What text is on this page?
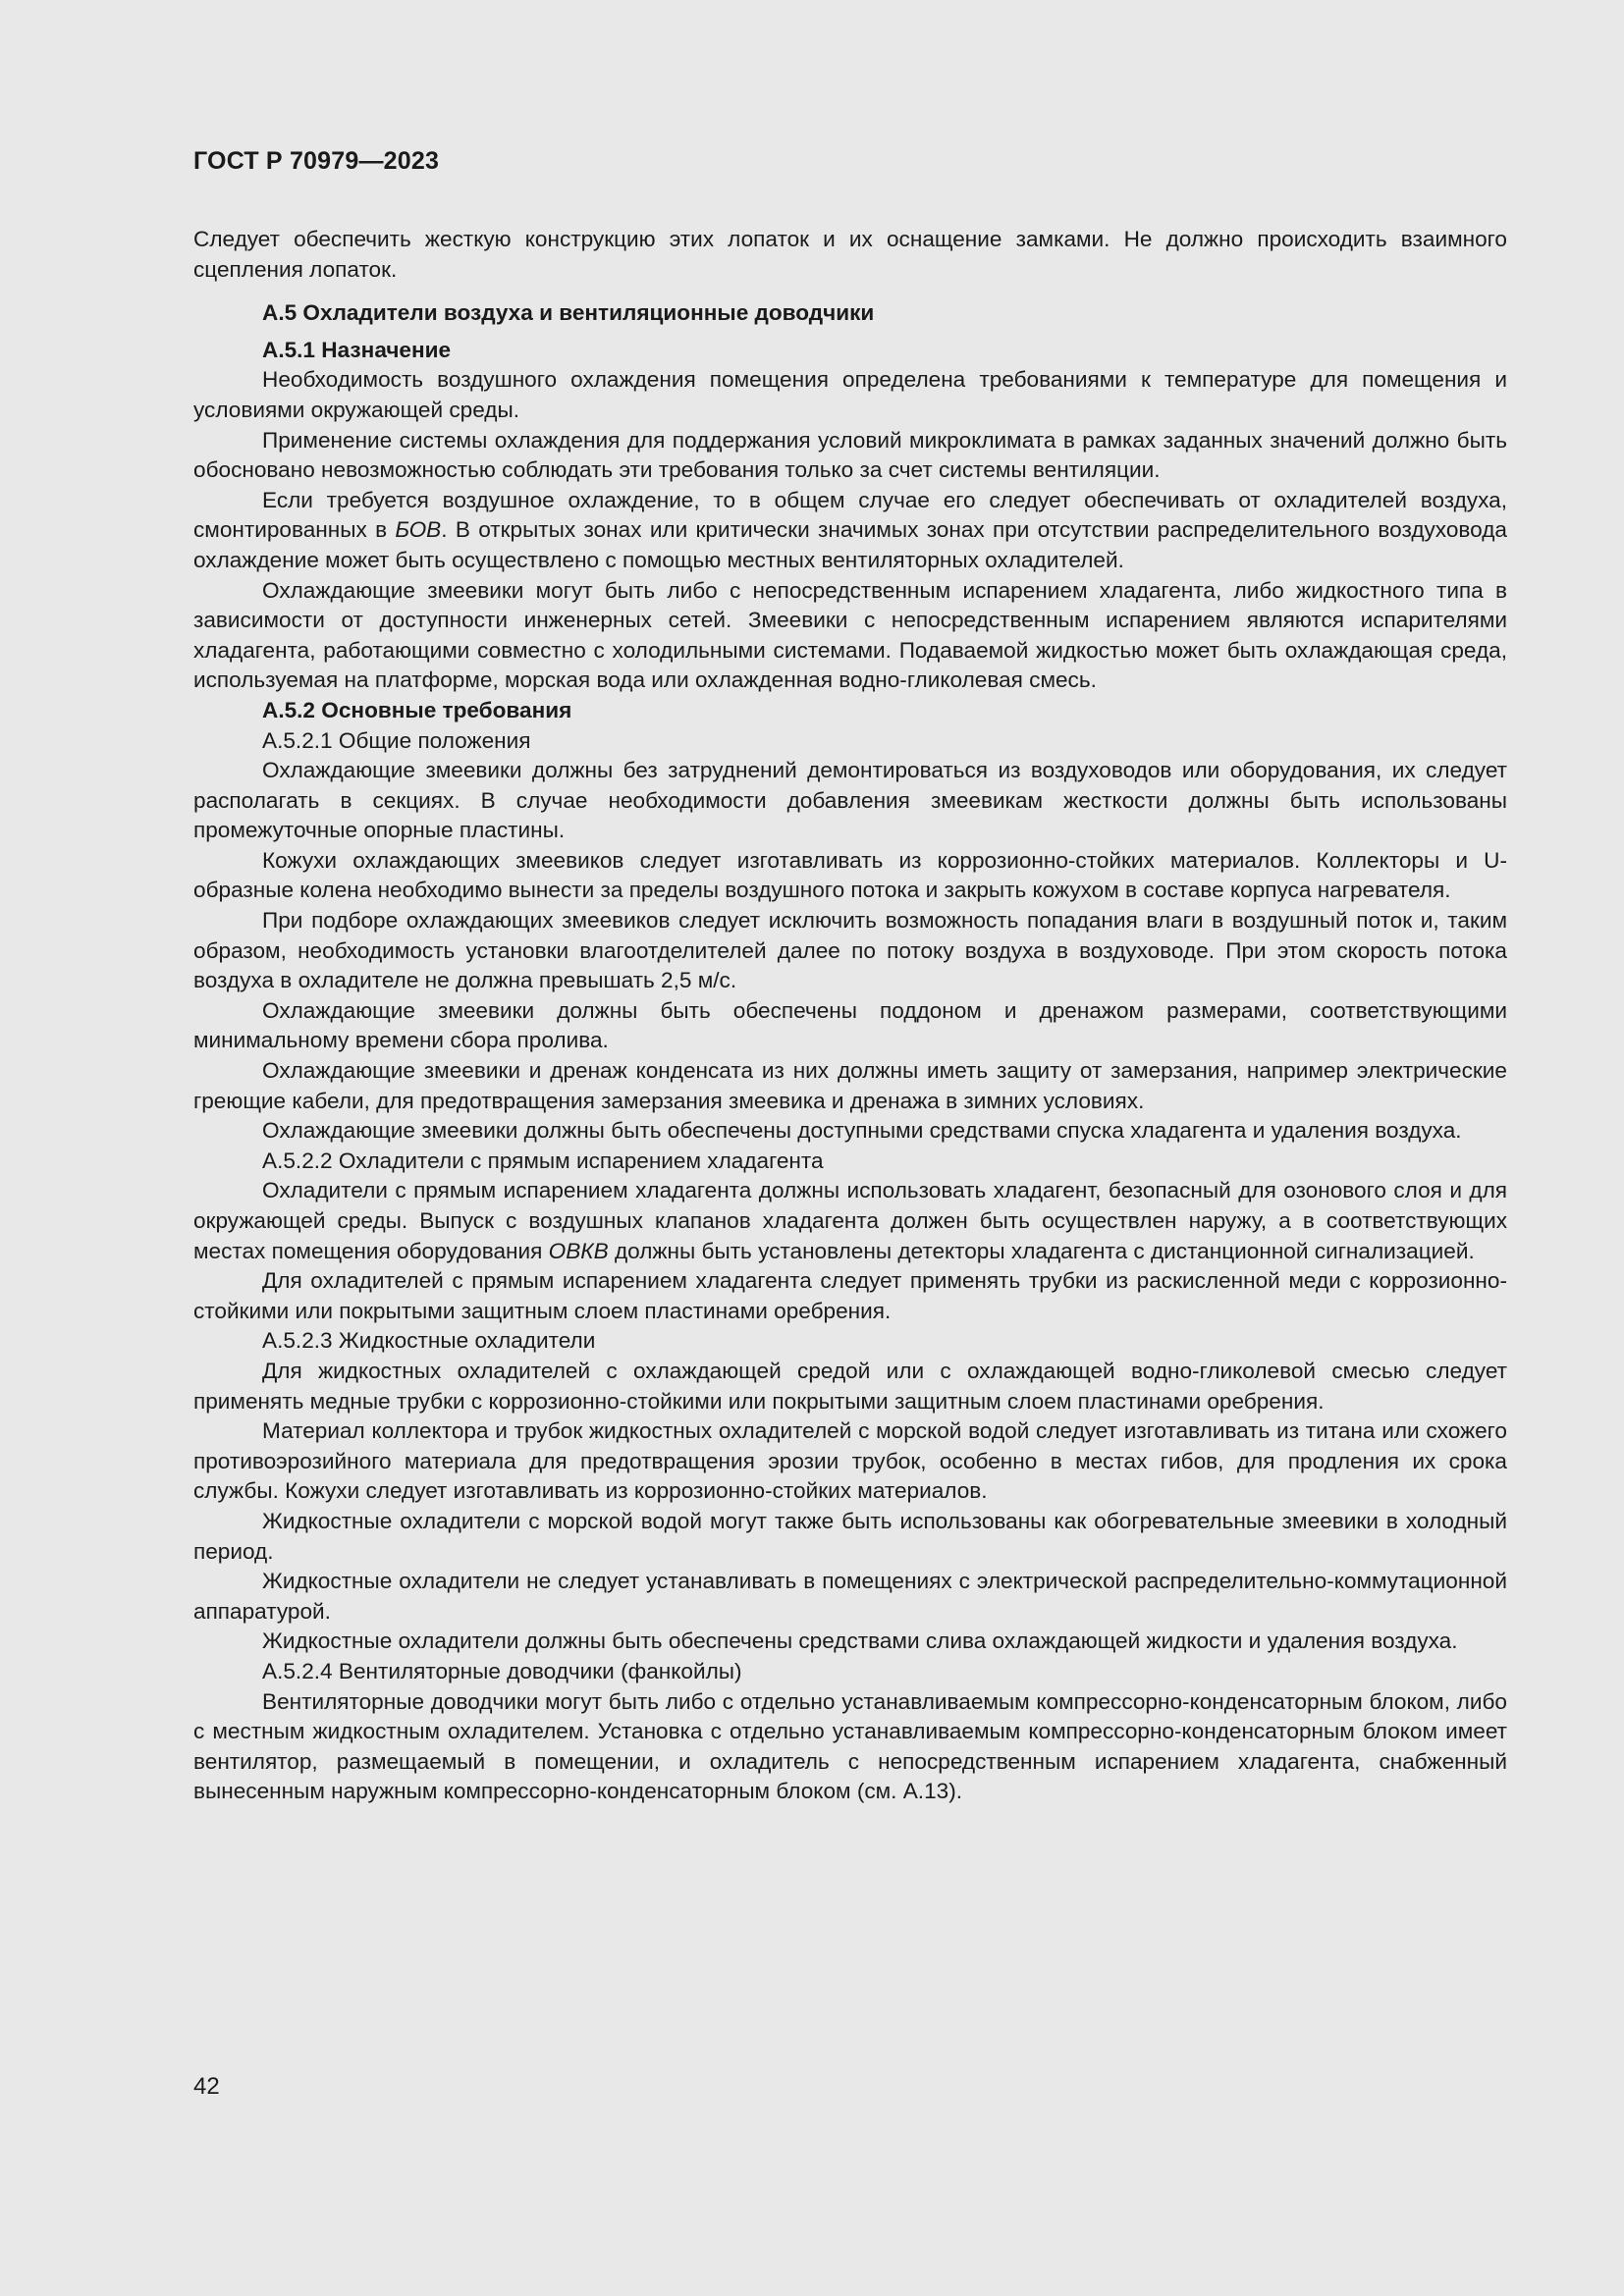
ГОСТ Р 70979—2023

Следует обеспечить жесткую конструкцию этих лопаток и их оснащение замками. Не должно происходить взаимного сцепления лопаток.

А.5 Охладители воздуха и вентиляционные доводчики

А.5.1 Назначение

Необходимость воздушного охлаждения помещения определена требованиями к температуре для помещения и условиями окружающей среды.

Применение системы охлаждения для поддержания условий микроклимата в рамках заданных значений должно быть обосновано невозможностью соблюдать эти требования только за счет системы вентиляции.

Если требуется воздушное охлаждение, то в общем случае его следует обеспечивать от охладителей воздуха, смонтированных в БОВ. В открытых зонах или критически значимых зонах при отсутствии распределительного воздуховода охлаждение может быть осуществлено с помощью местных вентиляторных охладителей.

Охлаждающие змеевики могут быть либо с непосредственным испарением хладагента, либо жидкостного типа в зависимости от доступности инженерных сетей. Змеевики с непосредственным испарением являются испарителями хладагента, работающими совместно с холодильными системами. Подаваемой жидкостью может быть охлаждающая среда, используемая на платформе, морская вода или охлажденная водно-гликолевая смесь.

А.5.2 Основные требования

А.5.2.1 Общие положения

Охлаждающие змеевики должны без затруднений демонтироваться из воздуховодов или оборудования, их следует располагать в секциях. В случае необходимости добавления змеевикам жесткости должны быть использованы промежуточные опорные пластины.

Кожухи охлаждающих змеевиков следует изготавливать из коррозионно-стойких материалов. Коллекторы и U-образные колена необходимо вынести за пределы воздушного потока и закрыть кожухом в составе корпуса нагревателя.

При подборе охлаждающих змеевиков следует исключить возможность попадания влаги в воздушный поток и, таким образом, необходимость установки влагоотделителей далее по потоку воздуха в воздуховоде. При этом скорость потока воздуха в охладителе не должна превышать 2,5 м/с.

Охлаждающие змеевики должны быть обеспечены поддоном и дренажом размерами, соответствующими минимальному времени сбора пролива.

Охлаждающие змеевики и дренаж конденсата из них должны иметь защиту от замерзания, например электрические греющие кабели, для предотвращения замерзания змеевика и дренажа в зимних условиях.

Охлаждающие змеевики должны быть обеспечены доступными средствами спуска хладагента и удаления воздуха.

А.5.2.2 Охладители с прямым испарением хладагента

Охладители с прямым испарением хладагента должны использовать хладагент, безопасный для озонового слоя и для окружающей среды. Выпуск с воздушных клапанов хладагента должен быть осуществлен наружу, а в соответствующих местах помещения оборудования ОВКВ должны быть установлены детекторы хладагента с дистанционной сигнализацией.

Для охладителей с прямым испарением хладагента следует применять трубки из раскисленной меди с коррозионно-стойкими или покрытыми защитным слоем пластинами оребрения.

А.5.2.3 Жидкостные охладители

Для жидкостных охладителей с охлаждающей средой или с охлаждающей водно-гликолевой смесью следует применять медные трубки с коррозионно-стойкими или покрытыми защитным слоем пластинами оребрения.

Материал коллектора и трубок жидкостных охладителей с морской водой следует изготавливать из титана или схожего противоэрозийного материала для предотвращения эрозии трубок, особенно в местах гибов, для продления их срока службы. Кожухи следует изготавливать из коррозионно-стойких материалов.

Жидкостные охладители с морской водой могут также быть использованы как обогревательные змеевики в холодный период.

Жидкостные охладители не следует устанавливать в помещениях с электрической распределительно-коммутационной аппаратурой.

Жидкостные охладители должны быть обеспечены средствами слива охлаждающей жидкости и удаления воздуха.

А.5.2.4 Вентиляторные доводчики (фанкойлы)

Вентиляторные доводчики могут быть либо с отдельно устанавливаемым компрессорно-конденсаторным блоком, либо с местным жидкостным охладителем. Установка с отдельно устанавливаемым компрессорно-конденсаторным блоком имеет вентилятор, размещаемый в помещении, и охладитель с непосредственным испарением хладагента, снабженный вынесенным наружным компрессорно-конденсаторным блоком (см. А.13).

42
